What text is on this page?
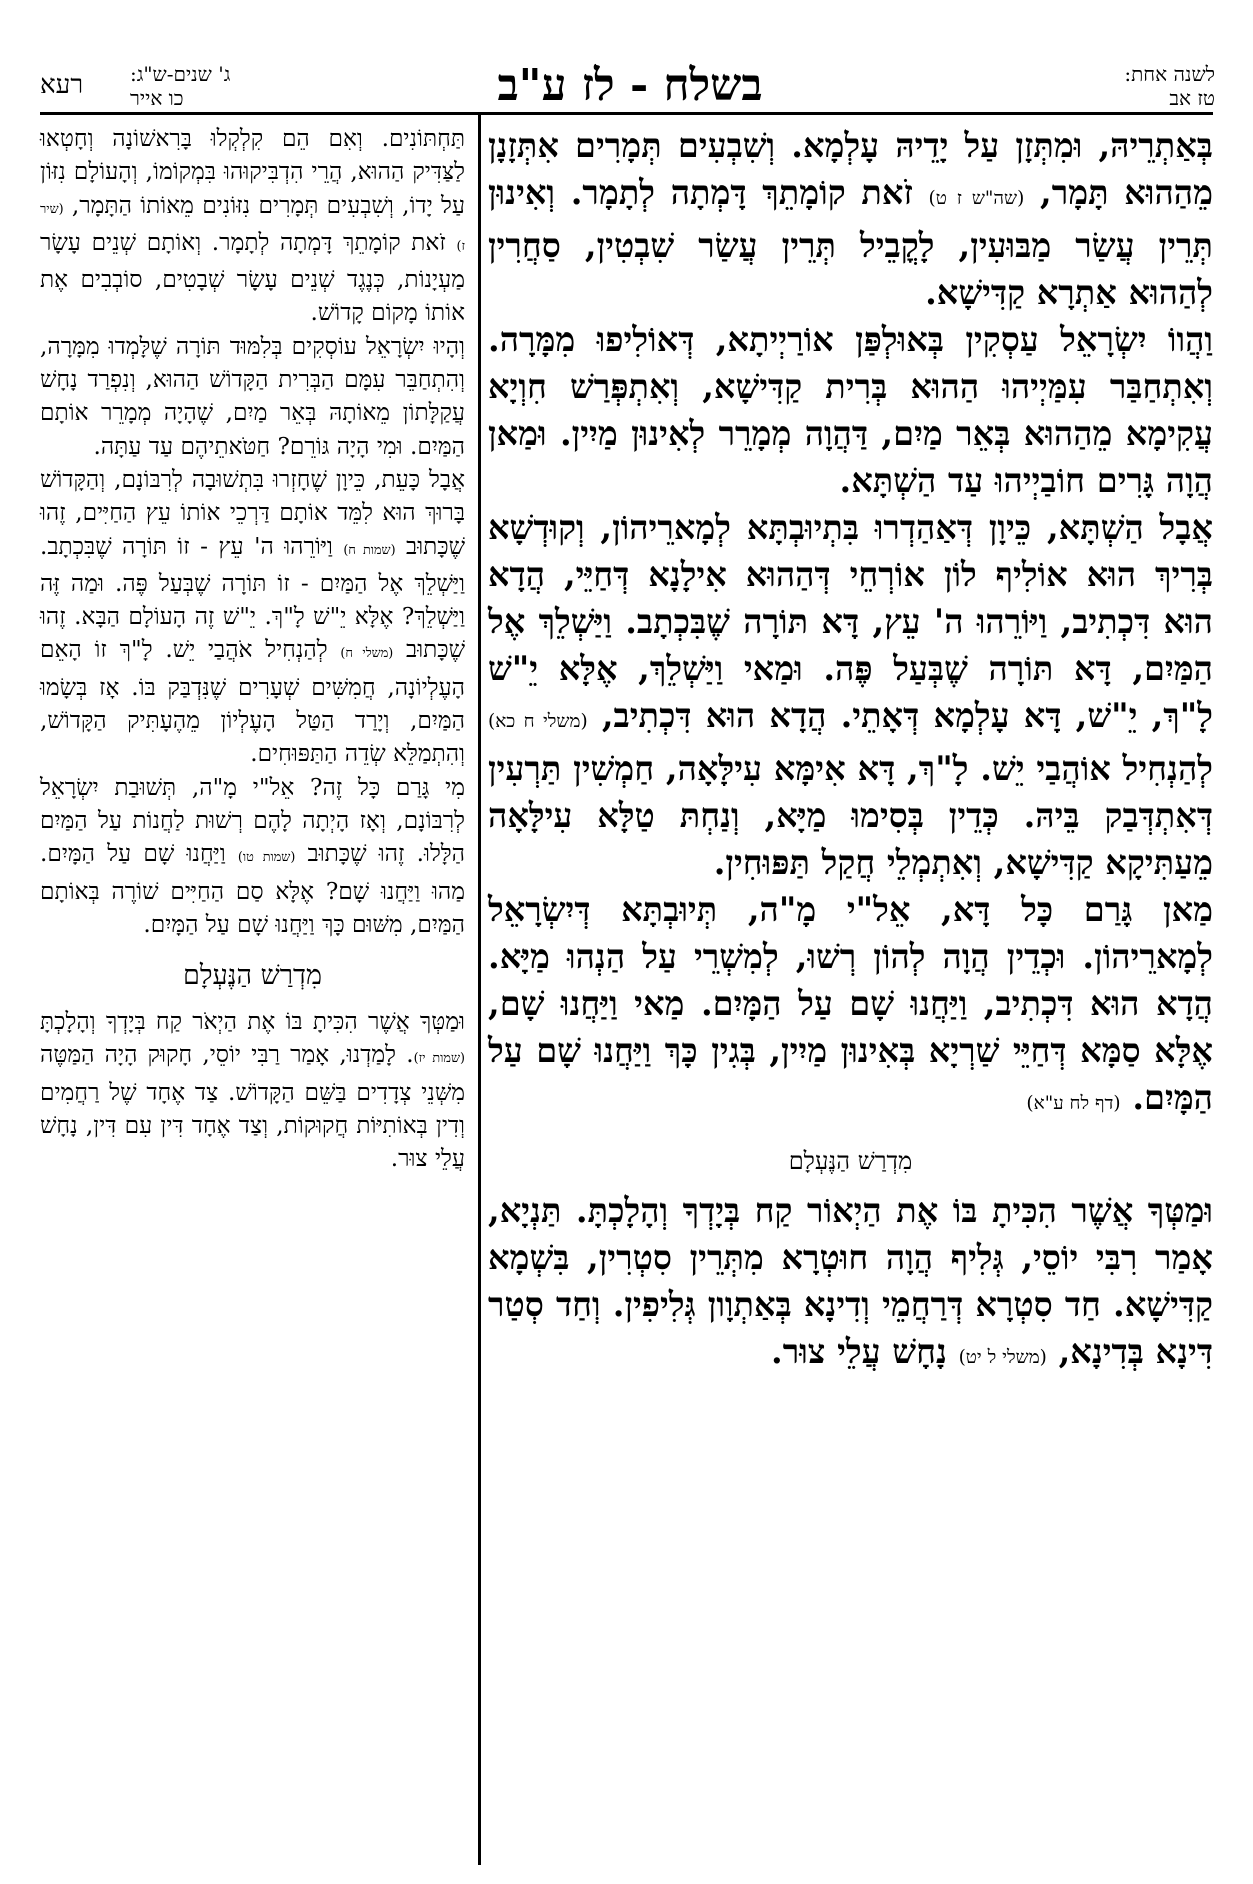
לשנה אחת:
טז אב
בשלח - לז ע"ב
ג' שנים-ש"ג:
כו אייר
רעא

בְּאַתְרֵיהּ, וּמִתְּזָן עַל יָדֵיהּ עָלְמָא. וְשִׁבְעִים תְּמָרִים אִתְּזָנָן מֵהַהוּא תָּמָר, (שה"ש ז ט) זֹאת קוֹמָתֵךְ דָּמְתָה לְתָמָר. וְאִינוּן תְּרֵין עֲשַׂר מַבּוּעִין, לָקֳבֵיל תְּרֵין עֲשַׂר שִׁבְטִין, סַחֲרִין לְהַהוּא אַתְרָא קַדִּישָׁא.

וַהֲווֹ יִשְׂרָאֵל עַסְקִין בְּאוּלְפַּן אוֹרַיְיתָא, דְּאוֹלִיפוּ מִמָּרָה. וְאִתְחַבַּר עִמַּיְיהוּ הַהוּא בְּרִית קַדִּישָׁא, וְאִתְפְּרַשׁ חִוְיָא עֲקִימָא מֵהַהוּא בְּאֵר מַיִם, דַּהֲוָה מְמָרֵר לְאִינוּן מַיִין. וּמַאן הֲוָה גָּרִים חוֹבַיְיהוּ עַד הַשְׁתָּא.

אֲבָל הַשְׁתָּא, כֵּיוָן דְּאַהַדְרוּ בִּתְיוּבְתָּא לְמָארֵיהוֹן, וְקוּדְשָׁא בְּרִיךְ הוּא אוֹלִיף לוֹן אוֹרְחֵי דְּהַהוּא אִילָנָא דְּחַיֵּי, הֲדָא הוּא דִּכְתִיב, וַיּוֹרֵהוּ ה' עֵץ, דָּא תּוֹרָה שֶׁבִּכְתָב. וַיַּשְׁלֵךְ אֶל הַמַּיִם, דָּא תּוֹרָה שֶׁבְּעַל פֶּה. וּמַאי וַיַּשְׁלֵךְ, אֶלָּא יֵ"שׁ לָ"ךְ, יֵ"שׁ, דָּא עָלְמָא דְּאָתֵי. הֲדָא הוּא דִּכְתִיב, (משלי ח כא) לְהַנְחִיל אוֹהֲבַי יֵשׁ. לָ"ךְ, דָּא אִימָּא עִילָּאָה, חַמְשִׁין תַּרְעִין דְּאִתְדְּבַק בֵּיהּ. כְּדֵין בְּסִימוּ מַיָּא, וְנַחְתּ טַלָּא עִילָּאָה מֵעַתִּיקָא קַדִּישָׁא, וְאִתְמְלֵי חֲקַל תַּפּוּחִין.

מַאן גָּרַם כָּל דָּא, אֵל"י מָ"ה, תְּיוּבְתָּא דְּיִשְׂרָאֵל לְמָארֵיהוֹן. וּכְדֵין הֲוָה לְהוֹן רְשׁוּ, לְמִשְׁרֵי עַל הַנְהוּ מַיָּא. הֲדָא הוּא דִּכְתִיב, וַיַּחֲנוּ שָׁם עַל הַמָּיִם. מַאי וַיַּחֲנוּ שָׁם, אֶלָּא סַמָּא דְּחַיֵּי שַׁרְיָא בְּאִינוּן מַיִין, בְּגִין כָּךְ וַיַּחֲנוּ שָׁם עַל הַמָּיִם. (דף לח ע"א)

מִדְרַשׁ הַנֶּעְלָם

וּמַטְּךָ אֲשֶׁר הִכִּיתָ בּוֹ אֶת הַיְאוֹר קַח בְּיָדְךָ וְהָלָכְתָּ. תַּנְיָא, אָמַר רִבִּי יוֹסֵי, גְּלִיף הֲוָה חוּטְרָא מִתְּרֵין סִטְרִין, בִּשְׁמָא קַדִּישָׁא. חַד סִטְרָא דְּרַחֲמֵי וְדִינָא בְּאַתְוָון גְּלִיפִין. וְחַד סְטַר דִּינָא בְּדִינָא, (משלי ל יט) נָחָשׁ עֲלֵי צוּר.

תַּחְתּוֹנִים. וְאִם הֵם קִלְקְלוּ בָּרִאשׁוֹנָה וְחָטְאוּ לַצַּדִּיק הַהוּא, הֲרֵי הִדְבִּיקוּהוּ בִּמְקוֹמוֹ, וְהָעוֹלָם נִזּוֹן עַל יָדוֹ, וְשִׁבְעִים תְּמָרִים נִזּוֹנִים מֵאוֹתוֹ הַתָּמָר, (שיר ז) זֹאת קוֹמָתֵךְ דָּמְתָה לְתָמָר. וְאוֹתָם שְׁנֵים עָשָׂר מַעְיָנוֹת, כְּנֶגֶד שְׁנֵים עָשָׂר שְׁבָטִים, סוֹבְבִים אֶת אוֹתוֹ מָקוֹם קָדוֹשׁ.

וְהָיוּ יִשְׂרָאֵל עוֹסְקִים בְּלִמּוּד תּוֹרָה שֶׁלָּמְדוּ מִמָּרָה, וְהִתְחַבֵּר עִמָּם הַבְּרִית הַקָּדוֹשׁ הַהוּא, וְנִפְרַד נָחָשׁ עֲקַלָּתוֹן מֵאוֹתָהּ בְּאֵר מַיִם, שֶׁהָיָה מְמָרֵר אוֹתָם הַמַּיִם. וּמִי הָיָה גּוֹרֵם? חַטֹּאתֵיהֶם עַד עַתָּה.

אֲבָל כָּעֵת, כֵּיוָן שֶׁחָזְרוּ בִּתְשׁוּבָה לְרִבּוֹנָם, וְהַקָּדוֹשׁ בָּרוּךְ הוּא לִמֵּד אוֹתָם דַּרְכֵי אוֹתוֹ עֵץ הַחַיִּים, זֶהוּ שֶׁכָּתוּב (שמות ח) וַיּוֹרֵהוּ ה' עֵץ - זוֹ תּוֹרָה שֶׁבִּכְתָב. וַיַּשְׁלֵךְ אֶל הַמַּיִם - זוֹ תּוֹרָה שֶׁבְּעַל פֶּה. וּמַה זֶּה וַיַּשְׁלֵךְ? אֶלָּא יֵ"שׁ לָ"ךְ. יֵ"שׁ זֶה הָעוֹלָם הַבָּא. זֶהוּ שֶׁכָּתוּב (משלי ח) לְהַנְחִיל אֹהֲבַי יֵשׁ. לָ"ךְ זוֹ הָאֵם הָעֶלְיוֹנָה, חֲמִשִּׁים שְׁעָרִים שֶׁנִּדְבַּק בּוֹ. אָז בְּשָׂמוּ הַמַּיִם, וְיָרַד הַטַּל הָעֶלְיוֹן מֵהֶעָתִּיק הַקָּדוֹשׁ, וְהִתְמַלֵּא שְׂדֵה הַתַּפּוּחִים.

מִי גָּרַם כָּל זֶה? אֵל"י מָ"ה, תְּשׁוּבַת יִשְׂרָאֵל לְרִבּוֹנָם, וְאָז הָיְתָה לָהֶם רְשׁוּת לַחֲנוֹת עַל הַמַּיִם הַלָּלוּ. זֶהוּ שֶׁכָּתוּב (שמות טו) וַיַּחֲנוּ שָׁם עַל הַמָּיִם. מַהוּ וַיַּחֲנוּ שָׁם? אֶלָּא סַם הַחַיִּים שׁוֹרֶה בְּאוֹתָם הַמַּיִם, מִשּׁוּם כָּךְ וַיַּחֲנוּ שָׁם עַל הַמָּיִם.

מִדְרַשׁ הַנֶּעְלָם

וּמַטְּךָ אֲשֶׁר הִכִּיתָ בּוֹ אֶת הַיְאֹר קַח בְּיָדְךָ וְהָלָכְתָּ (שמות יז). לָמַדְנוּ, אָמַר רַבִּי יוֹסֵי, חָקוּק הָיָה הַמַּטֶּה מִשְּׁנֵי צְדָדִים בַּשֵּׁם הַקָּדוֹשׁ. צַד אֶחָד שֶׁל רַחֲמִים וְדִין בְּאוֹתִיּוֹת חֲקוּקוֹת, וְצַד אֶחָד דִּין עִם דִּין, נָחָשׁ עֲלֵי צוּר.
